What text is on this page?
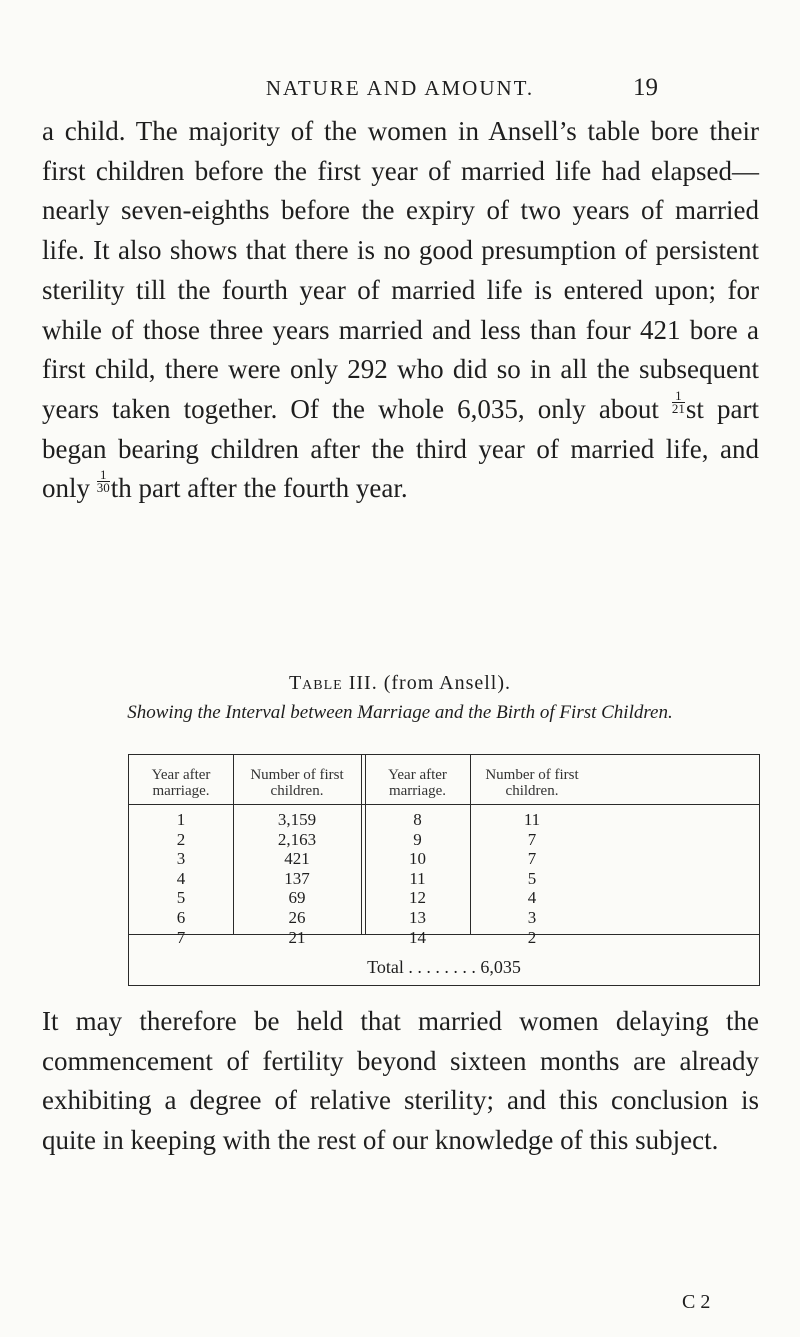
NATURE AND AMOUNT.	19

a child. The majority of the women in Ansell’s table bore their first children before the first year of married life had elapsed—nearly seven-eighths before the expiry of two years of married life. It also shows that there is no good presumption of persistent sterility till the fourth year of married life is entered upon; for while of those three years married and less than four 421 bore a first child, there were only 292 who did so in all the subsequent years taken together. Of the whole 6,035, only about $\frac{1}{21}$ st part began bearing children after the third year of married life, and only $\frac{1}{30}$ th part after the fourth year.

Table III. (from Ansell).
Showing the Interval between Marriage and the Birth of First Children.
Year after marriage.
1
2
3
4
5
6
7
Number of first children.
3,159
2,163
421
137
69
26
21
Year after marriage.
8
9
10
11
12
13
14
Number of first children.
11
7
7
5
4
3
2
Total . . . . . . . . 6,035

It may therefore be held that married women delaying the commencement of fertility beyond sixteen months are already exhibiting a degree of relative sterility; and this conclusion is quite in keeping with the rest of our knowledge of this subject.

C 2
